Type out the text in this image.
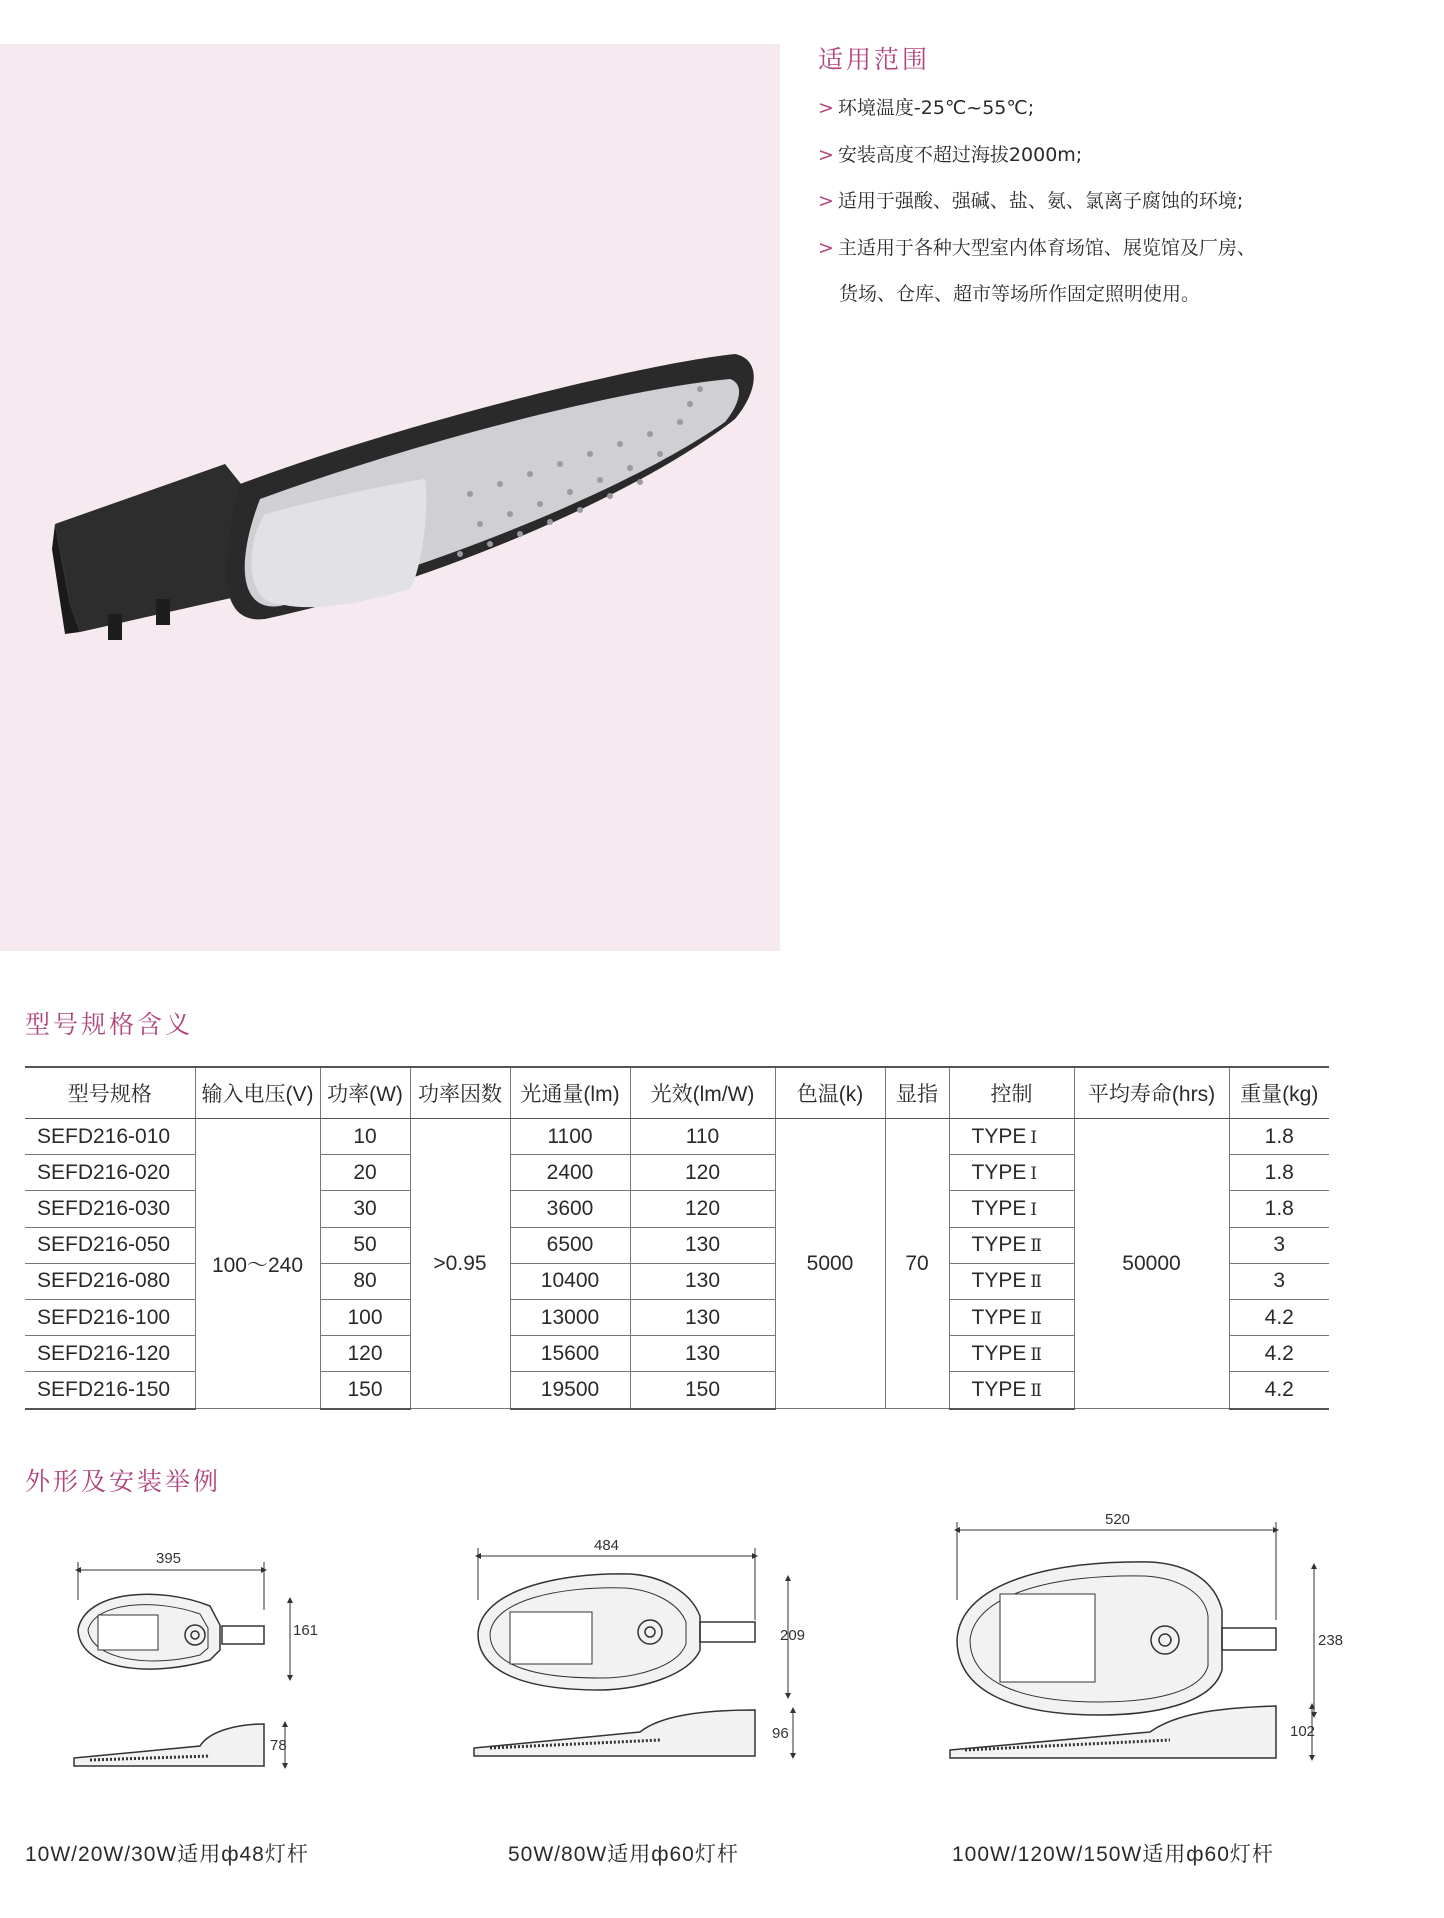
适用范围
> 环境温度-25℃~55℃;
> 安装高度不超过海拔2000m;
> 适用于强酸、强碱、盐、氨、氯离子腐蚀的环境;
> 主适用于各种大型室内体育场馆、展览馆及厂房、
货场、仓库、超市等场所作固定照明使用。
型号规格含义
型号规格	输入电压(V)	功率(W)	功率因数	光通量(lm)	光效(lm/W)	色温(k)	显指	控制	平均寿命(hrs)	重量(kg)
SEFD216-010	100～240	10	>0.95	1100	110	5000	70	TYPE Ⅰ	50000	1.8
SEFD216-020		20		2400	120			TYPE Ⅰ		1.8
SEFD216-030		30		3600	120			TYPE Ⅰ		1.8
SEFD216-050		50		6500	130			TYPE Ⅱ		3
SEFD216-080		80		10400	130			TYPE Ⅱ		3
SEFD216-100		100		13000	130			TYPE Ⅱ		4.2
SEFD216-120		120		15600	130			TYPE Ⅱ		4.2
SEFD216-150		150		19500	150			TYPE Ⅱ		4.2
外形及安装举例
395
161
78
484
209
96
520
238
102
10W/20W/30W适用ф48灯杆	50W/80W适用ф60灯杆	100W/120W/150W适用ф60灯杆
